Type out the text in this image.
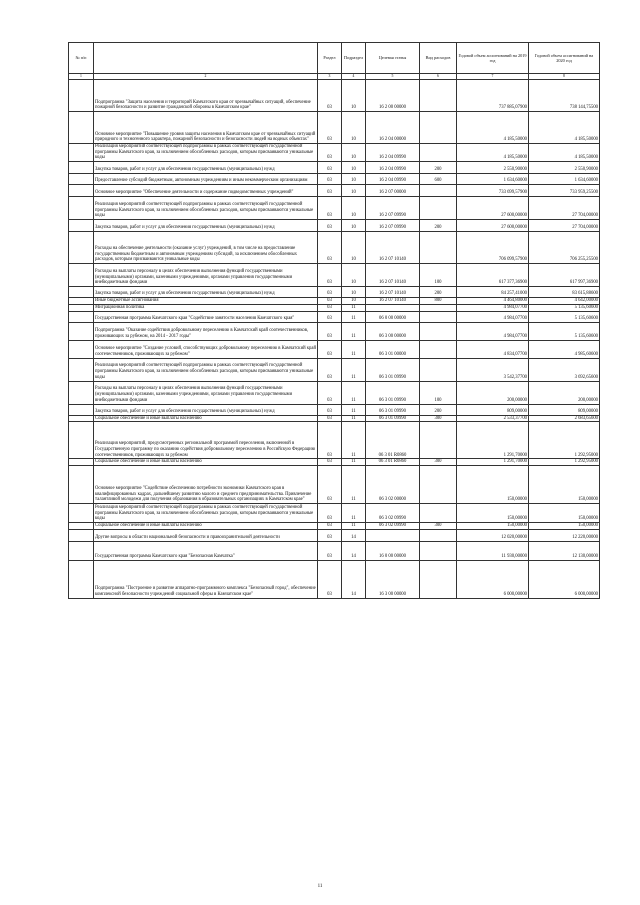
№ п/п		Раздел	Подраздел	Целевая статья	Вид расходов	Годовой объем ассигнований на 2019 год	Годовой объем ассигнований на 2020 год
1	2	3	4	5	6	7	8
	Подпрограмма "Защита населения и территорий Камчатского края от чрезвычайных ситуаций, обеспечение пожарной безопасности и развитие гражданской обороны в Камчатском крае"	03	10	16 2 00 00000		737 885,07900	738 144,75500
	Основное мероприятие "Повышение уровня защиты населения в Камчатском крае от чрезвычайных ситуаций природного и техногенного характера, пожарной безопасности и безопасности людей на водных объектах"	03	10	16 2 04 00000		4 185,50000	4 185,50000
	Реализация мероприятий соответствующей подпрограммы в рамках соответствующей государственной программы Камчатского края, за исключением обособленных расходов, которым присваиваются уникальные коды	03	10	16 2 04 09990		4 185,50000	4 185,50000
	Закупка товаров, работ и услуг для обеспечения государственных (муниципальных) нужд	03	10	16 2 04 09990	200	2 550,90000	2 550,90000
	Предоставление субсидий бюджетным, автономным учреждениям и иным некоммерческим организациям	03	10	16 2 04 09990	600	1 634,60000	1 634,60000
	Основное мероприятие "Обеспечение деятельности и содержание подведомственных учреждений"	03	10	16 2 07 00000		733 699,57900	733 959,25500
	Реализация мероприятий соответствующей подпрограммы в рамках соответствующей государственной программы Камчатского края, за исключением обособленных расходов, которым присваиваются уникальные коды	03	10	16 2 07 09990		27 600,00000	27 704,00000
	Закупка товаров, работ и услуг для обеспечения государственных (муниципальных) нужд	03	10	16 2 07 09990	200	27 600,00000	27 704,00000
	Расходы на обеспечение деятельности (оказание услуг) учреждений, в том числе на предоставление государственным бюджетным и автономным учреждениям субсидий, за исключением обособленных расходов, которым присваиваются уникальные коды	03	10	16 2 07 10140		706 099,57900	706 255,25500
	Расходы на выплаты персоналу в целях обеспечения выполнения функций государственными (муниципальными) органами, казенными учреждениями, органами управления государственными внебюджетными фондами	03	10	16 2 07 10140	100	617 377,36900	617 997,36900
	Закупка товаров, работ и услуг для обеспечения государственных (муниципальных) нужд	03	10	16 2 07 10140	200	84 257,41000	83 615,88600
	Иные бюджетные ассигнования	03	10	16 2 07 10140	800	4 464,80000	4 642,00000
	Миграционная политика	03	11			4 984,07700	5 135,60600
	Государственная программа Камчатского края "Содействие занятости населения Камчатского края"	03	11	06 0 00 00000		4 984,07700	5 135,60600
	Подпрограмма "Оказание содействия добровольному переселению в Камчатский край соотечественников, проживающих за рубежом, на 2014 - 2017 годы"	03	11	06 3 00 00000		4 984,07700	5 135,60600
	Основное мероприятие "Создание условий, способствующих добровольному переселению в Камчатский край соотечественников, проживающих за рубежом"	03	11	06 3 01 00000		4 834,07700	4 985,60600
	Реализация мероприятий соответствующей подпрограммы в рамках соответствующей государственной программы Камчатского края, за исключением обособленных расходов, которым присваиваются уникальные коды	03	11	06 3 01 09990		3 542,37700	3 692,65600
	Расходы на выплаты персоналу в целях обеспечения выполнения функций государственными (муниципальными) органами, казенными учреждениями, органами управления государственными внебюджетными фондами	03	11	06 3 01 09990	100	200,00000	200,00000
	Закупка товаров, работ и услуг для обеспечения государственных (муниципальных) нужд	03	11	06 3 01 09990	200	809,00000	809,00000
	Социальное обеспечение и иные выплаты населению	03	11	06 3 01 09990	300	2 533,37700	2 683,65600
	Реализация мероприятий, предусмотренных региональной программой переселения, включенной в Государственную программу по оказанию содействия добровольному переселению в Российскую Федерацию соотечественников, проживающих за рубежом	03	11	06 3 01 R0860		1 291,70000	1 292,95000
	Социальное обеспечение и иные выплаты населению	03	11	06 3 01 R0860	300	1 291,70000	1 292,95000
	Основное мероприятие "Содействие обеспечению потребности экономики Камчатского края в квалифицированных кадрах, дальнейшему развитию малого и среднего предпринимательства. Привлечение талантливой молодежи для получения образования в образовательных организациях в Камчатском крае"	03	11	06 3 02 00000		150,00000	150,00000
	Реализация мероприятий соответствующей подпрограммы в рамках соответствующей государственной программы Камчатского края, за исключением обособленных расходов, которым присваиваются уникальные коды	03	11	06 3 02 09990		150,00000	150,00000
	Социальное обеспечение и иные выплаты населению	03	11	06 3 02 09990	300	150,00000	150,00000
	Другие вопросы в области национальной безопасности и правоохранительной деятельности	03	14			12 020,00000	12 220,00000
	Государственная программа Камчатского края "Безопасная Камчатка"	03	14	16 0 00 00000		11 930,00000	12 130,00000
	Подпрограмма "Построение и развитие аппаратно-программного комплекса "Безопасный город", обеспечение комплексной безопасности учреждений социальной сферы в Камчатском крае"	03	14	16 3 00 00000		6 000,00000	6 000,00000
11
